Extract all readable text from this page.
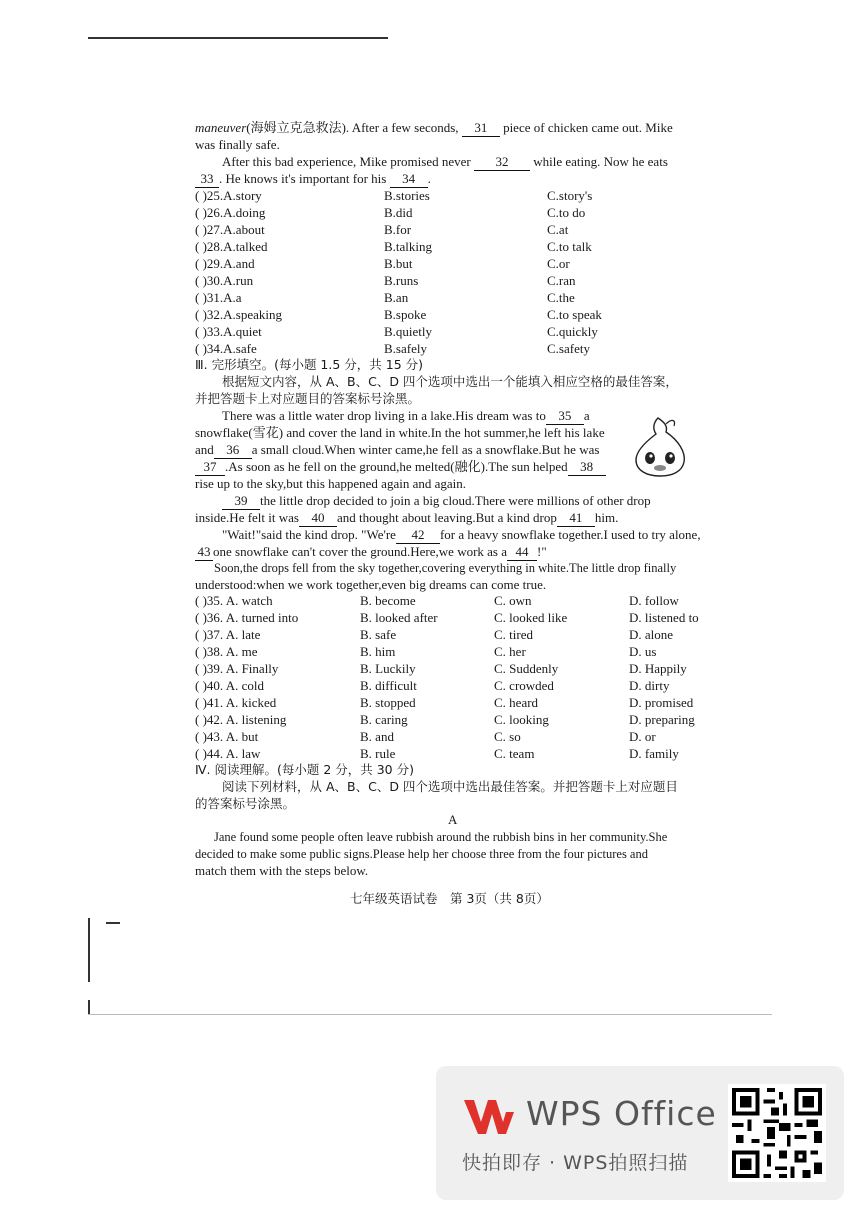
maneuver(海姆立克急救法). After a few seconds, 31 piece of chicken came out. Mike
was finally safe.
After this bad experience, Mike promised never 32 while eating. Now he eats
33 . He knows it's important for his 34 .
( )25.A.story	B.stories	C.story's
( )26.A.doing	B.did	C.to do
( )27.A.about	B.for	C.at
( )28.A.talked	B.talking	C.to talk
( )29.A.and	B.but	C.or
( )30.A.run	B.runs	C.ran
( )31.A.a	B.an	C.the
( )32.A.speaking	B.spoke	C.to speak
( )33.A.quiet	B.quietly	C.quickly
( )34.A.safe	B.safely	C.safety
Ⅲ. 完形填空。(每小题 1.5 分，共 15 分)
根据短文内容，从 A、B、C、D 四个选项中选出一个能填入相应空格的最佳答案，
并把答题卡上对应题目的答案标号涂黑。
There was a little water drop living in a lake.His dream was to 35 a
snowflake(雪花) and cover the land in white.In the hot summer,he left his lake
and 36 a small cloud.When winter came,he fell as a snowflake.But he was
37 .As soon as he fell on the ground,he melted(融化).The sun helped 38
rise up to the sky,but this happened again and again.
39 the little drop decided to join a big cloud.There were millions of other drop
inside.He felt it was 40 and thought about leaving.But a kind drop 41 him.
"Wait!"said the kind drop. "We're 42 for a heavy snowflake together.I used to try alone,
43 one snowflake can't cover the ground.Here,we work as a 44 !"
Soon,the drops fell from the sky together,covering everything in white.The little drop finally
understood:when we work together,even big dreams can come true.
( )35. A. watch	B. become	C. own	D. follow
( )36. A. turned into	B. looked after	C. looked like	D. listened to
( )37. A. late	B. safe	C. tired	D. alone
( )38. A. me	B. him	C. her	D. us
( )39. A. Finally	B. Luckily	C. Suddenly	D. Happily
( )40. A. cold	B. difficult	C. crowded	D. dirty
( )41. A. kicked	B. stopped	C. heard	D. promised
( )42. A. listening	B. caring	C. looking	D. preparing
( )43. A. but	B. and	C. so	D. or
( )44. A. law	B. rule	C. team	D. family
Ⅳ. 阅读理解。(每小题 2 分，共 30 分)
阅读下列材料，从 A、B、C、D 四个选项中选出最佳答案。并把答题卡上对应题目
的答案标号涂黑。
A
Jane found some people often leave rubbish around the rubbish bins in her community.She
decided to make some public signs.Please help her choose three from the four pictures and
match them with the steps below.
七年级英语试卷　第 3页（共 8页）
WPS Office
快拍即存 · WPS拍照扫描
